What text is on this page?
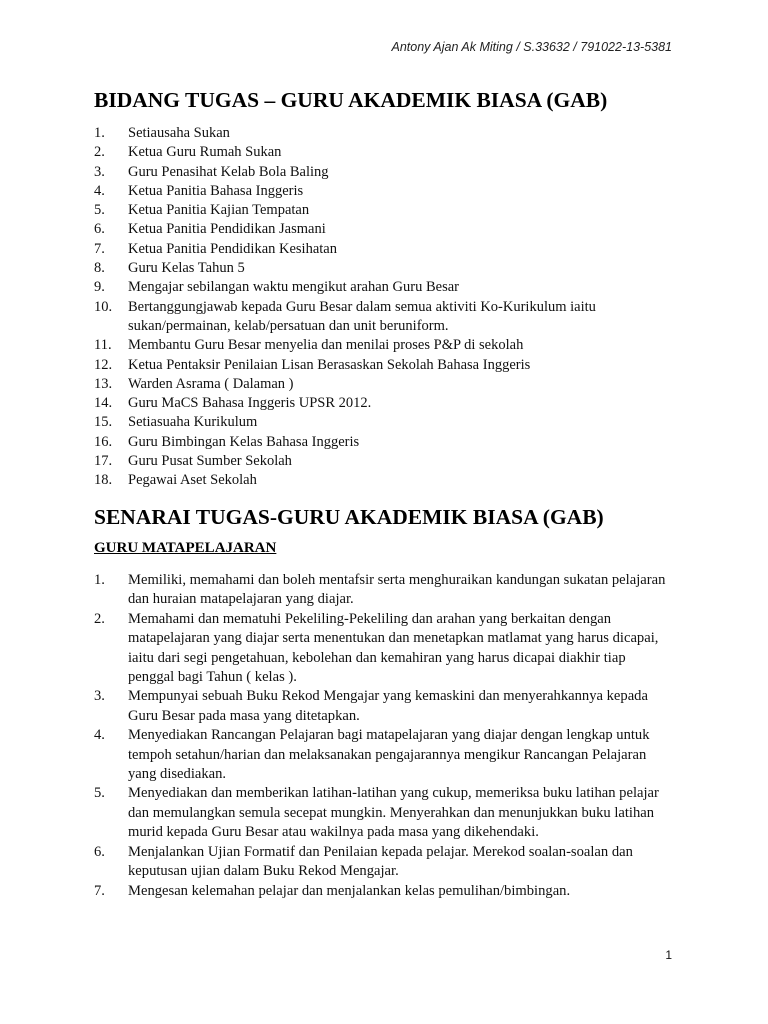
Antony Ajan Ak Miting / S.33632 / 791022-13-5381
BIDANG TUGAS – GURU AKADEMIK BIASA (GAB)
1.	Setiausaha Sukan
2.	Ketua Guru Rumah Sukan
3.	Guru Penasihat Kelab Bola Baling
4.	Ketua Panitia Bahasa Inggeris
5.	Ketua Panitia Kajian Tempatan
6.	Ketua Panitia Pendidikan Jasmani
7.	Ketua Panitia Pendidikan Kesihatan
8.	Guru Kelas Tahun 5
9.	Mengajar sebilangan waktu mengikut arahan Guru Besar
10.	Bertanggungjawab kepada Guru Besar dalam semua aktiviti Ko-Kurikulum iaitu sukan/permainan, kelab/persatuan dan unit beruniform.
11.	Membantu Guru Besar menyelia dan menilai proses P&P di sekolah
12.	Ketua Pentaksir Penilaian Lisan Berasaskan Sekolah Bahasa Inggeris
13.	Warden Asrama ( Dalaman )
14.	Guru MaCS Bahasa Inggeris UPSR 2012.
15.	Setiasuaha Kurikulum
16.	Guru Bimbingan Kelas Bahasa Inggeris
17.	Guru Pusat Sumber Sekolah
18.	Pegawai Aset Sekolah
SENARAI TUGAS-GURU AKADEMIK BIASA (GAB)
GURU MATAPELAJARAN
1.	Memiliki, memahami dan boleh mentafsir serta menghuraikan kandungan sukatan pelajaran dan huraian matapelajaran yang diajar.
2.	Memahami dan mematuhi Pekeliling-Pekeliling dan arahan yang berkaitan dengan matapelajaran yang diajar serta menentukan dan menetapkan matlamat yang harus dicapai, iaitu dari segi pengetahuan, kebolehan dan kemahiran yang harus dicapai diakhir tiap penggal bagi Tahun ( kelas ).
3.	Mempunyai sebuah Buku Rekod Mengajar yang kemaskini dan menyerahkannya kepada Guru Besar pada masa yang ditetapkan.
4.	Menyediakan Rancangan Pelajaran bagi matapelajaran yang diajar dengan lengkap untuk tempoh setahun/harian dan melaksanakan pengajarannya mengikur Rancangan Pelajaran yang disediakan.
5.	Menyediakan dan memberikan latihan-latihan yang cukup, memeriksa buku latihan pelajar dan memulangkan semula secepat mungkin. Menyerahkan dan menunjukkan buku latihan murid kepada Guru Besar atau wakilnya pada masa yang dikehendaki.
6.	Menjalankan Ujian Formatif dan Penilaian kepada pelajar. Merekod soalan-soalan dan keputusan ujian dalam Buku Rekod Mengajar.
7.	Mengesan kelemahan pelajar dan menjalankan kelas pemulihan/bimbingan.
1
